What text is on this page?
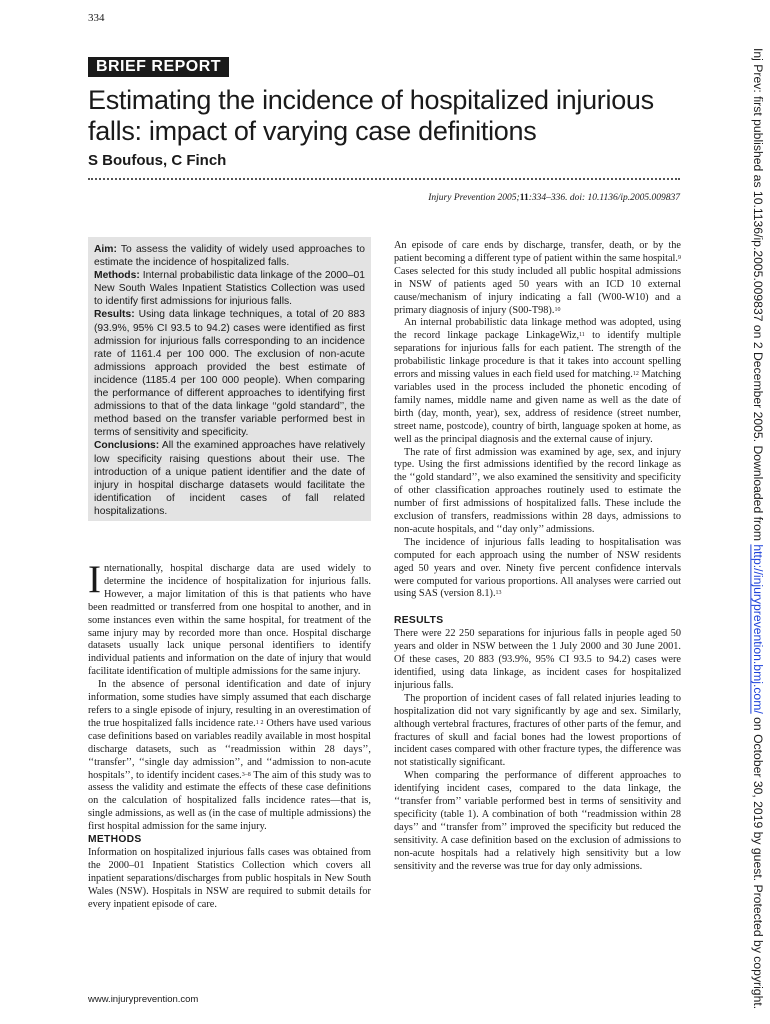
334
BRIEF REPORT
Estimating the incidence of hospitalized injurious falls: impact of varying case definitions
S Boufous, C Finch
Injury Prevention 2005;11:334–336. doi: 10.1136/ip.2005.009837

Aim: To assess the validity of widely used approaches to estimate the incidence of hospitalized falls.

Methods: Internal probabilistic data linkage of the 2000–01 New South Wales Inpatient Statistics Collection was used to identify first admissions for injurious falls.

Results: Using data linkage techniques, a total of 20 883 (93.9%, 95% CI 93.5 to 94.2) cases were identified as first admission for injurious falls corresponding to an incidence rate of 1161.4 per 100 000. The exclusion of non-acute admissions approach provided the best estimate of incidence (1185.4 per 100 000 people). When comparing the performance of different approaches to identifying first admissions to that of the data linkage ‘‘gold standard’’, the method based on the transfer variable performed best in terms of sensitivity and specificity.

Conclusions: All the examined approaches have relatively low specificity raising questions about their use. The introduction of a unique patient identifier and the date of injury in hospital discharge datasets would facilitate the identification of incident cases of fall related hospitalizations.

Internationally, hospital discharge data are used widely to determine the incidence of hospitalization for injurious falls. However, a major limitation of this is that patients who have been readmitted or transferred from one hospital to another, and in some instances even within the same hospital, for treatment of the same injury may by recorded more than once. Hospital discharge datasets usually lack unique personal identifiers to identify individual patients and information on the date of injury that would facilitate identification of multiple admissions for the same injury.

In the absence of personal identification and date of injury information, some studies have simply assumed that each discharge refers to a single episode of injury, resulting in an overestimation of the true hospitalized falls incidence rate.$^{1 2}$ Others have used various case definitions based on variables readily available in most hospital discharge datasets, such as ‘‘readmission within 28 days’’, ‘‘transfer’’, ‘‘single day admission’’, and ‘‘admission to non-acute hospitals’’, to identify incident cases.$^{3-8}$ The aim of this study was to assess the validity and estimate the effects of these case definitions on the calculation of hospitalized falls incidence rates—that is, single admissions, as well as (in the case of multiple admissions) the first hospital admission for the same injury.

METHODS

Information on hospitalized injurious falls cases was obtained from the 2000–01 Inpatient Statistics Collection which covers all inpatient separations/discharges from public hospitals in New South Wales (NSW). Hospitals in NSW are required to submit details for every inpatient episode of care.

An episode of care ends by discharge, transfer, death, or by the patient becoming a different type of patient within the same hospital.$^9$ Cases selected for this study included all public hospital admissions in NSW of patients aged 50 years with an ICD 10 external cause/mechanism of injury indicating a fall (W00-W10) and a primary diagnosis of injury (S00-T98).$^{10}$

An internal probabilistic data linkage method was adopted, using the record linkage package LinkageWiz,$^{11}$ to identify multiple separations for injurious falls for each patient. The strength of the probabilistic linkage procedure is that it takes into account spelling errors and missing values in each field used for matching.$^{12}$ Matching variables used in the process included the phonetic encoding of family names, middle name and given name as well as the date of birth (day, month, year), sex, address of residence (street number, street name, postcode), country of birth, language spoken at home, as well as the principal diagnosis and the external cause of injury.

The rate of first admission was examined by age, sex, and injury type. Using the first admissions identified by the record linkage as the ‘‘gold standard’’, we also examined the sensitivity and specificity of other classification approaches routinely used to estimate the number of first admissions of hospitalized falls. These include the exclusion of transfers, readmissions within 28 days, admissions to non-acute hospitals, and ‘‘day only’’ admissions.

The incidence of injurious falls leading to hospitalisation was computed for each approach using the number of NSW residents aged 50 years and over. Ninety five percent confidence intervals were computed for various proportions. All analyses were carried out using SAS (version 8.1).$^{13}$

RESULTS

There were 22 250 separations for injurious falls in people aged 50 years and older in NSW between the 1 July 2000 and 30 June 2001. Of these cases, 20 883 (93.9%, 95% CI 93.5 to 94.2) cases were identified, using data linkage, as incident cases for hospitalized injurious falls.

The proportion of incident cases of fall related injuries leading to hospitalization did not vary significantly by age and sex. Similarly, although vertebral fractures, fractures of other parts of the femur, and fractures of skull and facial bones had the lowest proportions of incident cases compared with other fracture types, the difference was not statistically significant.

When comparing the performance of different approaches to identifying incident cases, compared to the data linkage, the ‘‘transfer from’’ variable performed best in terms of sensitivity and specificity (table 1). A combination of both ‘‘readmission within 28 days’’ and ‘‘transfer from’’ improved the specificity but reduced the sensitivity. A case definition based on the exclusion of admissions to non-acute hospitals had a relatively high sensitivity but a low sensitivity and the reverse was true for day only admissions.

www.injuryprevention.com
Inj Prev: first published as 10.1136/ip.2005.009837 on 2 December 2005. Downloaded from http://injuryprevention.bmj.com/ on October 30, 2019 by guest. Protected by copyright.
